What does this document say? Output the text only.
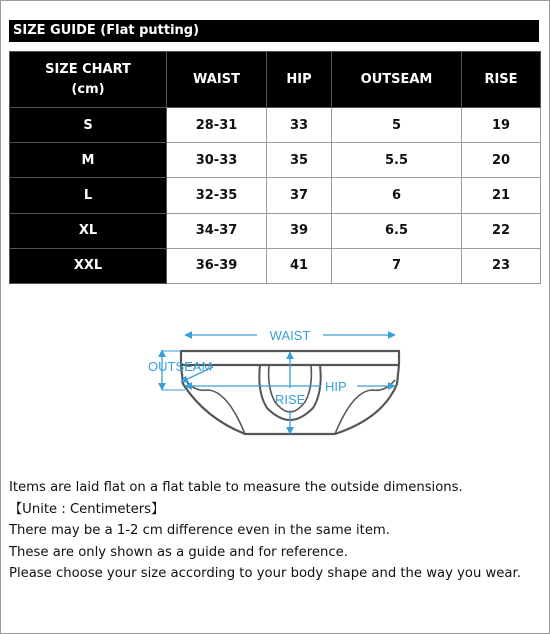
SIZE GUIDE (Flat putting)
SIZE CHART
(cm)	WAIST	HIP	OUTSEAM	RISE
S	28-31	33	5	19
M	30-33	35	5.5	20
L	32-35	37	6	21
XL	34-37	39	6.5	22
XXL	36-39	41	7	23
WAIST
OUTSEAM
HIP
RISE

Items are laid flat on a flat table to measure the outside dimensions.

【Unite : Centimeters】

There may be a 1-2 cm difference even in the same item.

These are only shown as a guide and for reference.

Please choose your size according to your body shape and the way you wear.
